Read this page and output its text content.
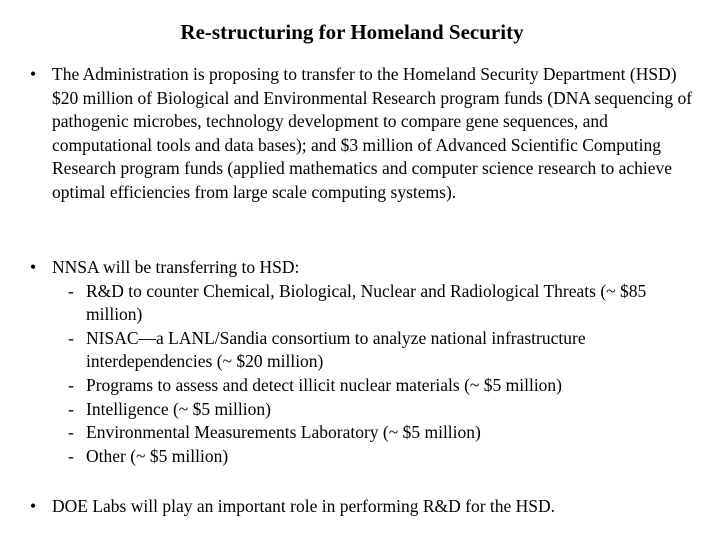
Re-structuring for Homeland Security
• The Administration is proposing to transfer to the Homeland Security Department (HSD) $20 million of Biological and Environmental Research program funds (DNA sequencing of pathogenic microbes, technology development to compare gene sequences, and computational tools and data bases); and $3 million of Advanced Scientific Computing Research program funds (applied mathematics and computer science research to achieve optimal efficiencies from large scale computing systems).
• NNSA will be transferring to HSD:
- R&D to counter Chemical, Biological, Nuclear and Radiological Threats (~ $85 million)
- NISAC—a LANL/Sandia consortium to analyze national infrastructure interdependencies (~ $20 million)
- Programs to assess and detect illicit nuclear materials (~ $5 million)
- Intelligence (~ $5 million)
- Environmental Measurements Laboratory (~ $5 million)
- Other (~ $5 million)
• DOE Labs will play an important role in performing R&D for the HSD.
